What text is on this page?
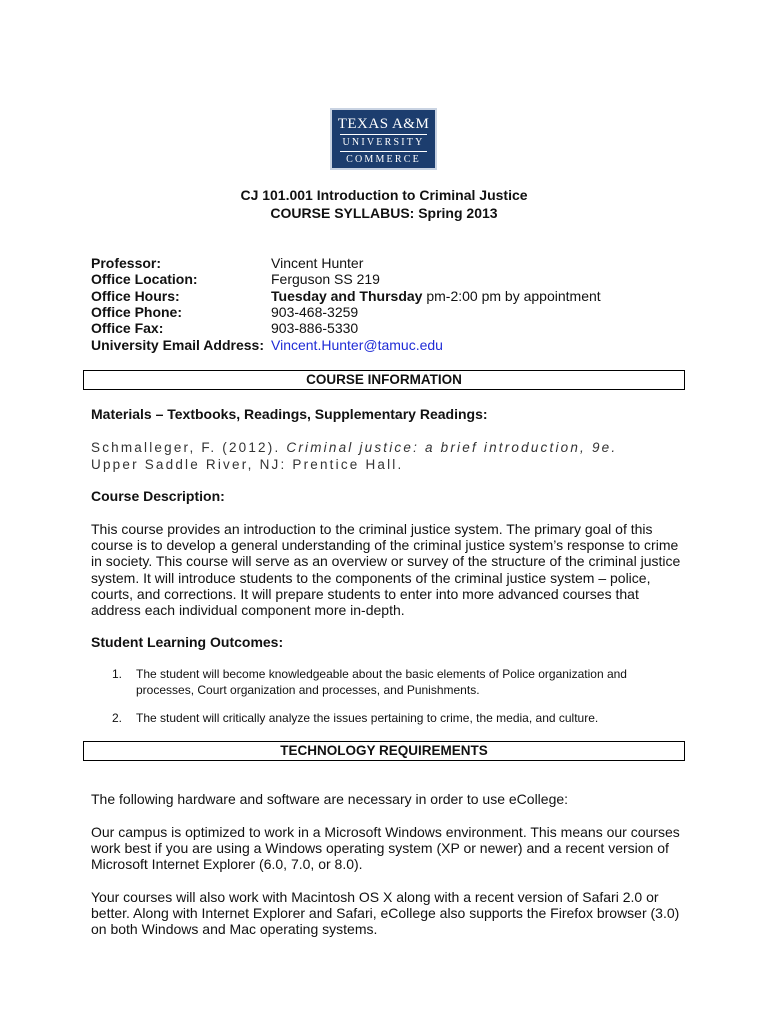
TEXAS A&M
UNIVERSITY
COMMERCE
CJ 101.001 Introduction to Criminal Justice
COURSE SYLLABUS: Spring 2013
Professor:	Vincent Hunter
Office Location:	Ferguson SS 219
Office Hours:	Tuesday and Thursday pm-2:00 pm by appointment
Office Phone:	903-468-3259
Office Fax:	903-886-5330
University Email Address: Vincent.Hunter@tamuc.edu
COURSE INFORMATION
Materials – Textbooks, Readings, Supplementary Readings:
Schmalleger, F. (2012). Criminal justice: a brief introduction, 9e.
Upper Saddle River, NJ: Prentice Hall.
Course Description:
This course provides an introduction to the criminal justice system. The primary goal of this
course is to develop a general understanding of the criminal justice system’s response to crime
in society. This course will serve as an overview or survey of the structure of the criminal justice
system. It will introduce students to the components of the criminal justice system – police,
courts, and corrections. It will prepare students to enter into more advanced courses that
address each individual component more in-depth.
Student Learning Outcomes:
1. The student will become knowledgeable about the basic elements of Police organization and
processes, Court organization and processes, and Punishments.
2. The student will critically analyze the issues pertaining to crime, the media, and culture.
TECHNOLOGY REQUIREMENTS
The following hardware and software are necessary in order to use eCollege:
Our campus is optimized to work in a Microsoft Windows environment. This means our courses
work best if you are using a Windows operating system (XP or newer) and a recent version of
Microsoft Internet Explorer (6.0, 7.0, or 8.0).
Your courses will also work with Macintosh OS X along with a recent version of Safari 2.0 or
better. Along with Internet Explorer and Safari, eCollege also supports the Firefox browser (3.0)
on both Windows and Mac operating systems.
